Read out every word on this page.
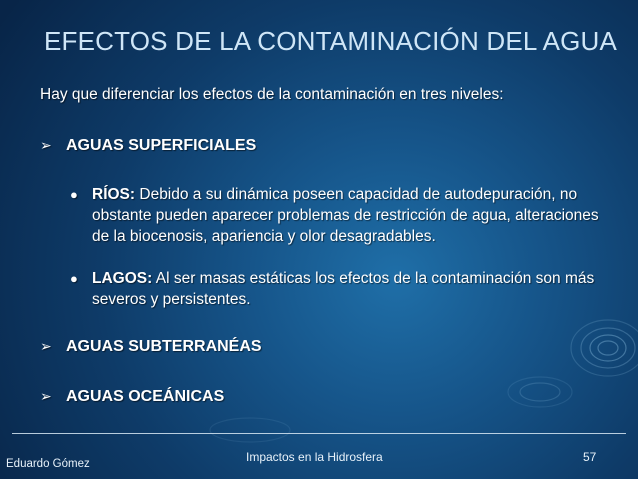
EFECTOS DE LA CONTAMINACIÓN DEL AGUA
Hay que diferenciar los efectos de la contaminación en tres niveles:
➢ AGUAS SUPERFICIALES
● RÍOS: Debido a su dinámica poseen capacidad de autodepuración, no obstante pueden aparecer problemas de restricción de agua, alteraciones de la biocenosis, apariencia y olor desagradables.
● LAGOS: Al ser masas estáticas los efectos de la contaminación son más severos y persistentes.
➢ AGUAS SUBTERRANÉAS
➢ AGUAS OCEÁNICAS
Eduardo Gómez	Impactos en la Hidrosfera	57
